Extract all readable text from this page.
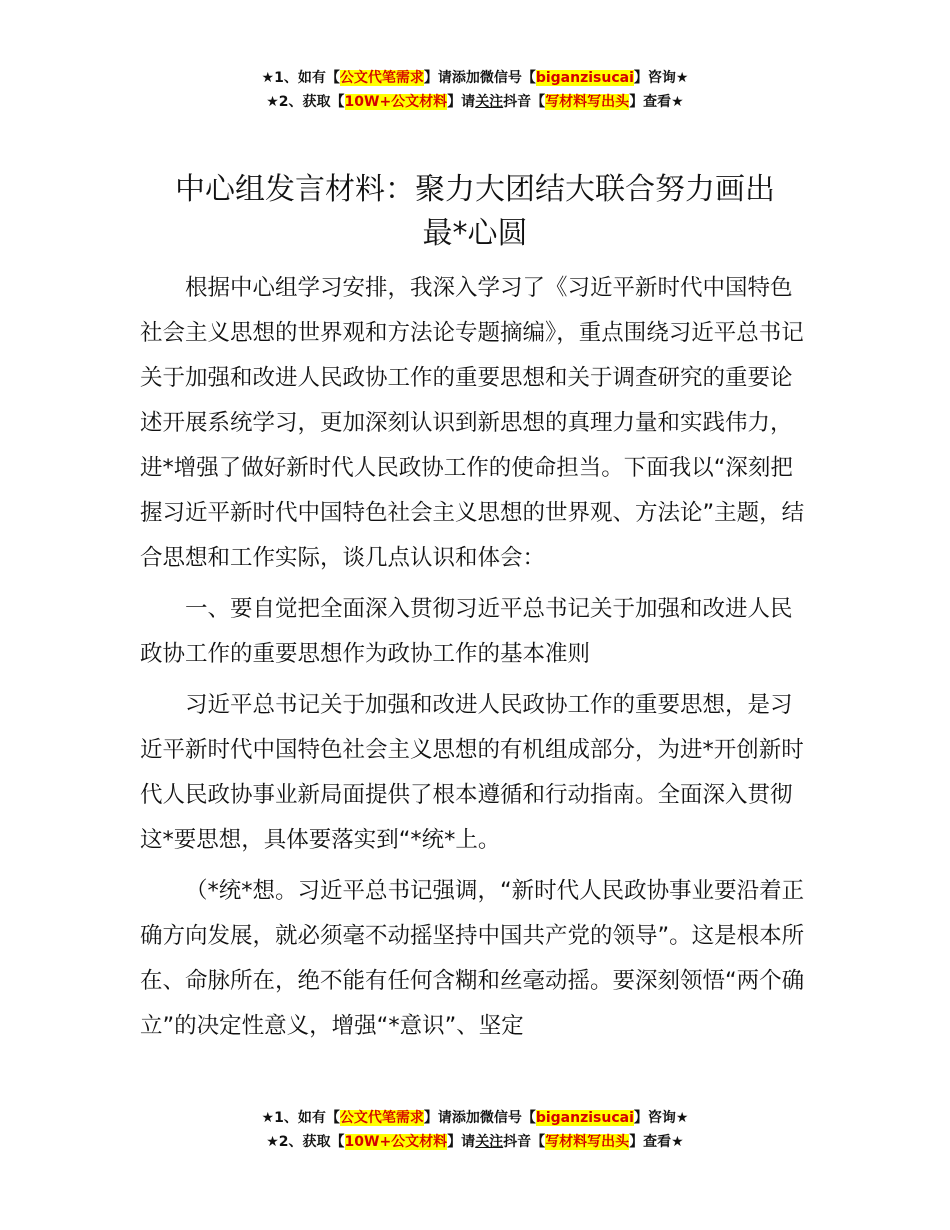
★1、如有【公文代笔需求】请添加微信号【biganzisucai】咨询★
★2、获取【10W+公文材料】请关注抖音【写材料写出头】查看★
中心组发言材料：聚力大团结大联合努力画出
最*心圆

根据中心组学习安排，我深入学习了《习近平新时代中国特色社会主义思想的世界观和方法论专题摘编》，重点围绕习近平总书记关于加强和改进人民政协工作的重要思想和关于调查研究的重要论述开展系统学习，更加深刻认识到新思想的真理力量和实践伟力，进*增强了做好新时代人民政协工作的使命担当。下面我以“深刻把握习近平新时代中国特色社会主义思想的世界观、方法论”主题，结合思想和工作实际，谈几点认识和体会：

一、要自觉把全面深入贯彻习近平总书记关于加强和改进人民政协工作的重要思想作为政协工作的基本准则

习近平总书记关于加强和改进人民政协工作的重要思想，是习近平新时代中国特色社会主义思想的有机组成部分，为进*开创新时代人民政协事业新局面提供了根本遵循和行动指南。全面深入贯彻这*要思想，具体要落实到“*统*上。

（*统*想。习近平总书记强调，“新时代人民政协事业要沿着正确方向发展，就必须毫不动摇坚持中国共产党的领导”。这是根本所在、命脉所在，绝不能有任何含糊和丝毫动摇。要深刻领悟“两个确立”的决定性意义，增强“*意识”、坚定

★1、如有【公文代笔需求】请添加微信号【biganzisucai】咨询★
★2、获取【10W+公文材料】请关注抖音【写材料写出头】查看★
